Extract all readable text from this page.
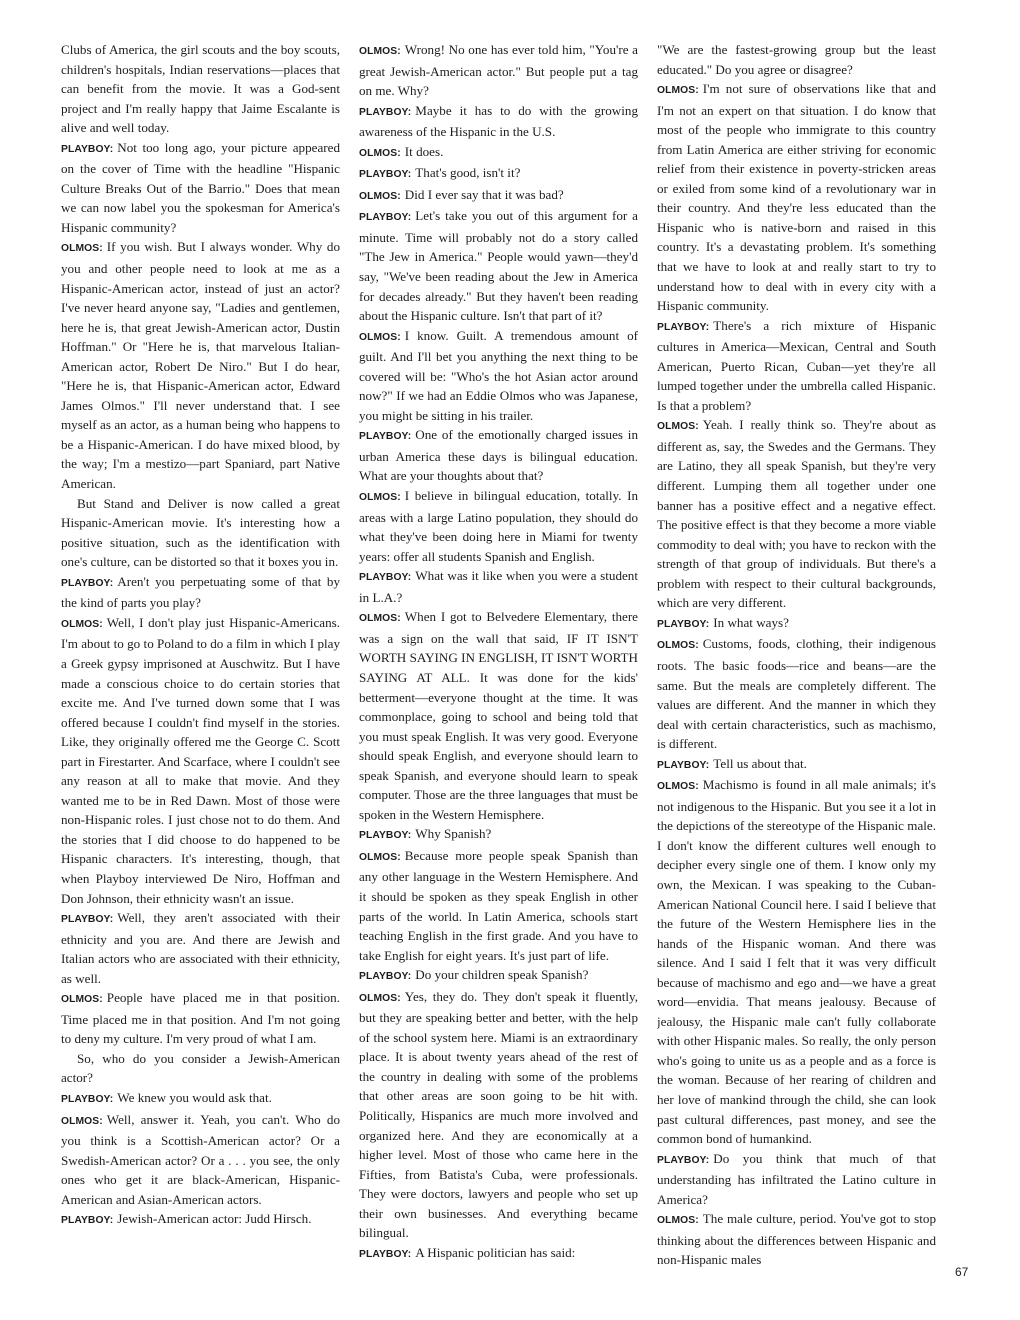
Clubs of America, the girl scouts and the boy scouts, children's hospitals, Indian reservations—places that can benefit from the movie. It was a God-sent project and I'm really happy that Jaime Escalante is alive and well today.

PLAYBOY: Not too long ago, your picture appeared on the cover of Time with the headline "Hispanic Culture Breaks Out of the Barrio." Does that mean we can now label you the spokesman for America's Hispanic community?

OLMOS: If you wish. But I always wonder. Why do you and other people need to look at me as a Hispanic-American actor, instead of just an actor? I've never heard anyone say, "Ladies and gentlemen, here he is, that great Jewish-American actor, Dustin Hoffman." Or "Here he is, that marvelous Italian-American actor, Robert De Niro." But I do hear, "Here he is, that Hispanic-American actor, Edward James Olmos." I'll never understand that. I see myself as an actor, as a human being who happens to be a Hispanic-American. I do have mixed blood, by the way; I'm a mestizo—part Spaniard, part Native American.

But Stand and Deliver is now called a great Hispanic-American movie. It's interesting how a positive situation, such as the identification with one's culture, can be distorted so that it boxes you in.

PLAYBOY: Aren't you perpetuating some of that by the kind of parts you play?

OLMOS: Well, I don't play just Hispanic-Americans. I'm about to go to Poland to do a film in which I play a Greek gypsy imprisoned at Auschwitz. But I have made a conscious choice to do certain stories that excite me. And I've turned down some that I was offered because I couldn't find myself in the stories. Like, they originally offered me the George C. Scott part in Firestarter. And Scarface, where I couldn't see any reason at all to make that movie. And they wanted me to be in Red Dawn. Most of those were non-Hispanic roles. I just chose not to do them. And the stories that I did choose to do happened to be Hispanic characters. It's interesting, though, that when Playboy interviewed De Niro, Hoffman and Don Johnson, their ethnicity wasn't an issue.

PLAYBOY: Well, they aren't associated with their ethnicity and you are. And there are Jewish and Italian actors who are associated with their ethnicity, as well.

OLMOS: People have placed me in that position. Time placed me in that position. And I'm not going to deny my culture. I'm very proud of what I am.

So, who do you consider a Jewish-American actor?

PLAYBOY: We knew you would ask that.

OLMOS: Well, answer it. Yeah, you can't. Who do you think is a Scottish-American actor? Or a Swedish-American actor? Or a . . . you see, the only ones who get it are black-American, Hispanic-American and Asian-American actors.

PLAYBOY: Jewish-American actor: Judd Hirsch.

OLMOS: Wrong! No one has ever told him, "You're a great Jewish-American actor." But people put a tag on me. Why?

PLAYBOY: Maybe it has to do with the growing awareness of the Hispanic in the U.S.

OLMOS: It does.

PLAYBOY: That's good, isn't it?

OLMOS: Did I ever say that it was bad?

PLAYBOY: Let's take you out of this argument for a minute. Time will probably not do a story called "The Jew in America." People would yawn—they'd say, "We've been reading about the Jew in America for decades already." But they haven't been reading about the Hispanic culture. Isn't that part of it?

OLMOS: I know. Guilt. A tremendous amount of guilt. And I'll bet you anything the next thing to be covered will be: "Who's the hot Asian actor around now?" If we had an Eddie Olmos who was Japanese, you might be sitting in his trailer.

PLAYBOY: One of the emotionally charged issues in urban America these days is bilingual education. What are your thoughts about that?

OLMOS: I believe in bilingual education, totally. In areas with a large Latino population, they should do what they've been doing here in Miami for twenty years: offer all students Spanish and English.

PLAYBOY: What was it like when you were a student in L.A.?

OLMOS: When I got to Belvedere Elementary, there was a sign on the wall that said, IF IT ISN'T WORTH SAYING IN ENGLISH, IT ISN'T WORTH SAYING AT ALL. It was done for the kids' betterment—everyone thought at the time. It was commonplace, going to school and being told that you must speak English. It was very good. Everyone should speak English, and everyone should learn to speak Spanish, and everyone should learn to speak computer. Those are the three languages that must be spoken in the Western Hemisphere.

PLAYBOY: Why Spanish?

OLMOS: Because more people speak Spanish than any other language in the Western Hemisphere. And it should be spoken as they speak English in other parts of the world. In Latin America, schools start teaching English in the first grade. And you have to take English for eight years. It's just part of life.

PLAYBOY: Do your children speak Spanish?

OLMOS: Yes, they do. They don't speak it fluently, but they are speaking better and better, with the help of the school system here. Miami is an extraordinary place. It is about twenty years ahead of the rest of the country in dealing with some of the problems that other areas are soon going to be hit with. Politically, Hispanics are much more involved and organized here. And they are economically at a higher level. Most of those who came here in the Fifties, from Batista's Cuba, were professionals. They were doctors, lawyers and people who set up their own businesses. And everything became bilingual.

PLAYBOY: A Hispanic politician has said:

"We are the fastest-growing group but the least educated." Do you agree or disagree?

OLMOS: I'm not sure of observations like that and I'm not an expert on that situation. I do know that most of the people who immigrate to this country from Latin America are either striving for economic relief from their existence in poverty-stricken areas or exiled from some kind of a revolutionary war in their country. And they're less educated than the Hispanic who is native-born and raised in this country. It's a devastating problem. It's something that we have to look at and really start to try to understand how to deal with in every city with a Hispanic community.

PLAYBOY: There's a rich mixture of Hispanic cultures in America—Mexican, Central and South American, Puerto Rican, Cuban—yet they're all lumped together under the umbrella called Hispanic. Is that a problem?

OLMOS: Yeah. I really think so. They're about as different as, say, the Swedes and the Germans. They are Latino, they all speak Spanish, but they're very different. Lumping them all together under one banner has a positive effect and a negative effect. The positive effect is that they become a more viable commodity to deal with; you have to reckon with the strength of that group of individuals. But there's a problem with respect to their cultural backgrounds, which are very different.

PLAYBOY: In what ways?

OLMOS: Customs, foods, clothing, their indigenous roots. The basic foods—rice and beans—are the same. But the meals are completely different. The values are different. And the manner in which they deal with certain characteristics, such as machismo, is different.

PLAYBOY: Tell us about that.

OLMOS: Machismo is found in all male animals; it's not indigenous to the Hispanic. But you see it a lot in the depictions of the stereotype of the Hispanic male. I don't know the different cultures well enough to decipher every single one of them. I know only my own, the Mexican. I was speaking to the Cuban-American National Council here. I said I believe that the future of the Western Hemisphere lies in the hands of the Hispanic woman. And there was silence. And I said I felt that it was very difficult because of machismo and ego and—we have a great word—envidia. That means jealousy. Because of jealousy, the Hispanic male can't fully collaborate with other Hispanic males. So really, the only person who's going to unite us as a people and as a force is the woman. Because of her rearing of children and her love of mankind through the child, she can look past cultural differences, past money, and see the common bond of humankind.

PLAYBOY: Do you think that much of that understanding has infiltrated the Latino culture in America?

OLMOS: The male culture, period. You've got to stop thinking about the differences between Hispanic and non-Hispanic males

67
